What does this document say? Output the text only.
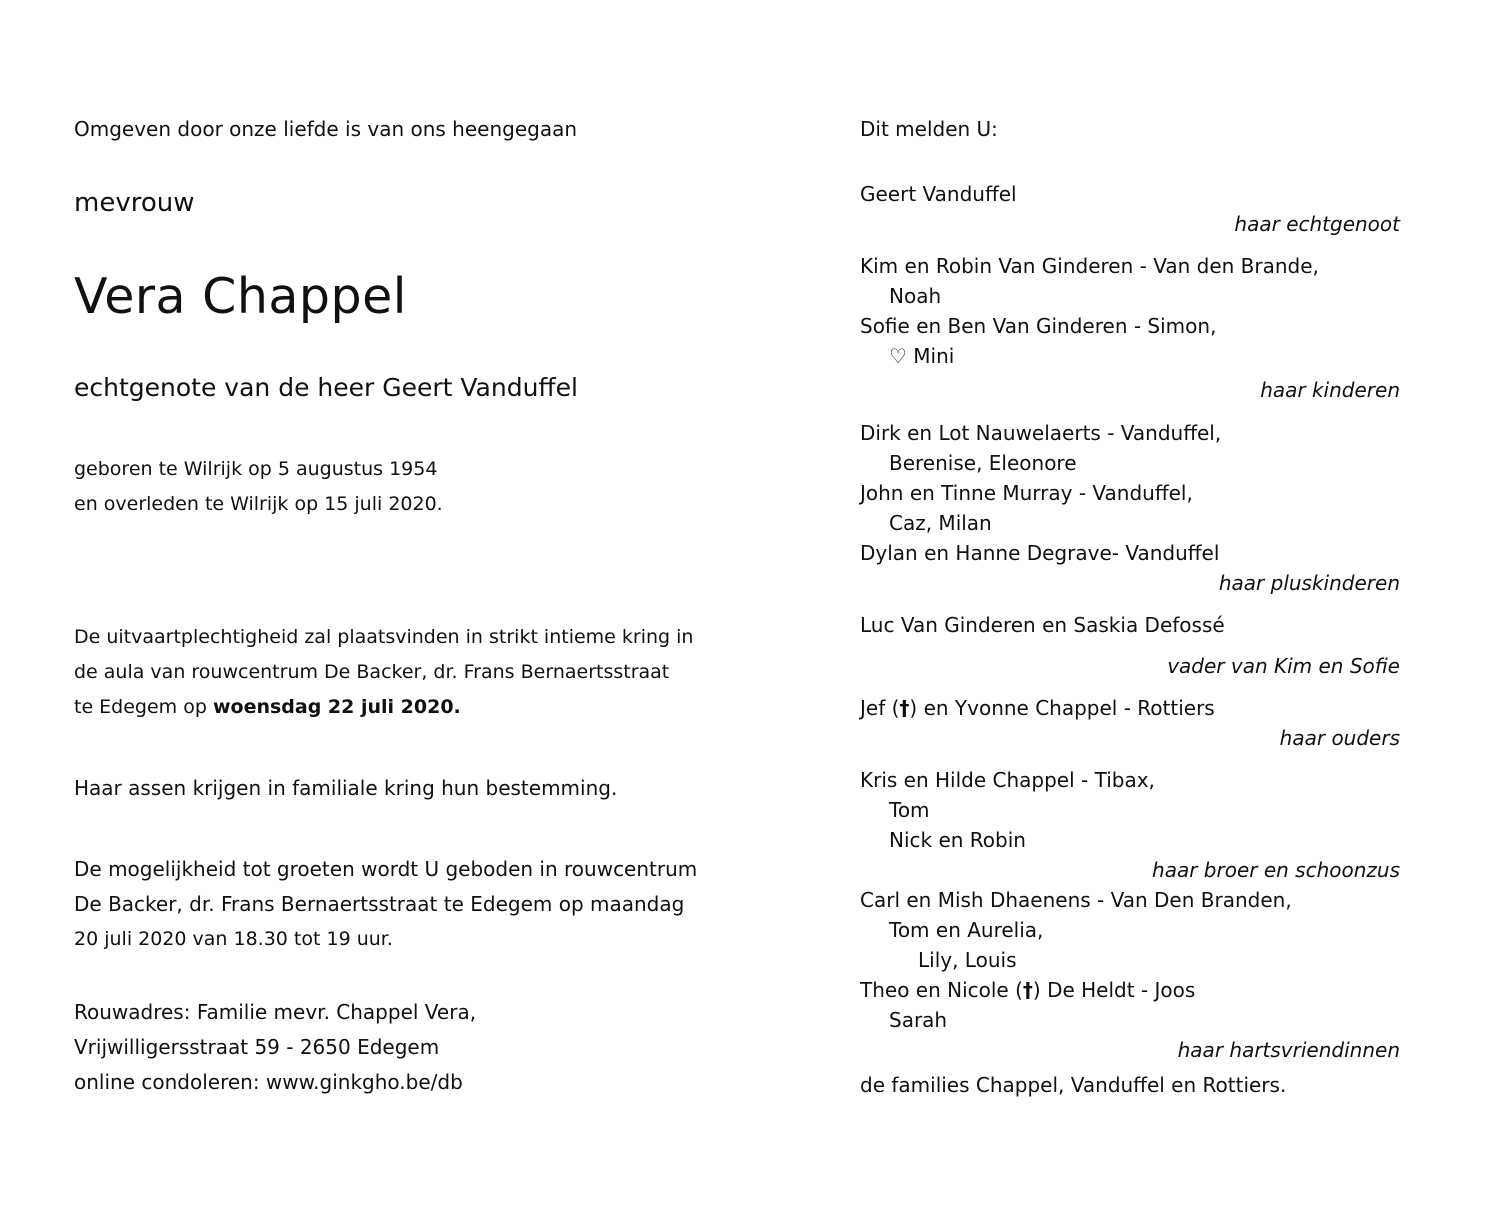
Omgeven door onze liefde is van ons heengegaan
mevrouw
Vera Chappel
echtgenote van de heer Geert Vanduffel
geboren te Wilrijk op 5 augustus 1954
en overleden te Wilrijk op 15 juli 2020.
De uitvaartplechtigheid zal plaatsvinden in strikt intieme kring in
de aula van rouwcentrum De Backer, dr. Frans Bernaertsstraat
te Edegem op woensdag 22 juli 2020.
Haar assen krijgen in familiale kring hun bestemming.
De mogelijkheid tot groeten wordt U geboden in rouwcentrum
De Backer, dr. Frans Bernaertsstraat te Edegem op maandag
20 juli 2020 van 18.30 tot 19 uur.
Rouwadres: Familie mevr. Chappel Vera,
Vrijwilligersstraat 59 - 2650 Edegem
online condoleren: www.ginkgho.be/db
Dit melden U:
Geert Vanduffel
haar echtgenoot
Kim en Robin Van Ginderen - Van den Brande,
Noah
Sofie en Ben Van Ginderen - Simon,
♡ Mini
haar kinderen
Dirk en Lot Nauwelaerts - Vanduffel,
Berenise, Eleonore
John en Tinne Murray - Vanduffel,
Caz, Milan
Dylan en Hanne Degrave- Vanduffel
haar pluskinderen
Luc Van Ginderen en Saskia Defossé
vader van Kim en Sofie
Jef (†) en Yvonne Chappel - Rottiers
haar ouders
Kris en Hilde Chappel - Tibax,
Tom
Nick en Robin
haar broer en schoonzus
Carl en Mish Dhaenens - Van Den Branden,
Tom en Aurelia,
Lily, Louis
Theo en Nicole (†) De Heldt - Joos
Sarah
haar hartsvriendinnen
de families Chappel, Vanduffel en Rottiers.
